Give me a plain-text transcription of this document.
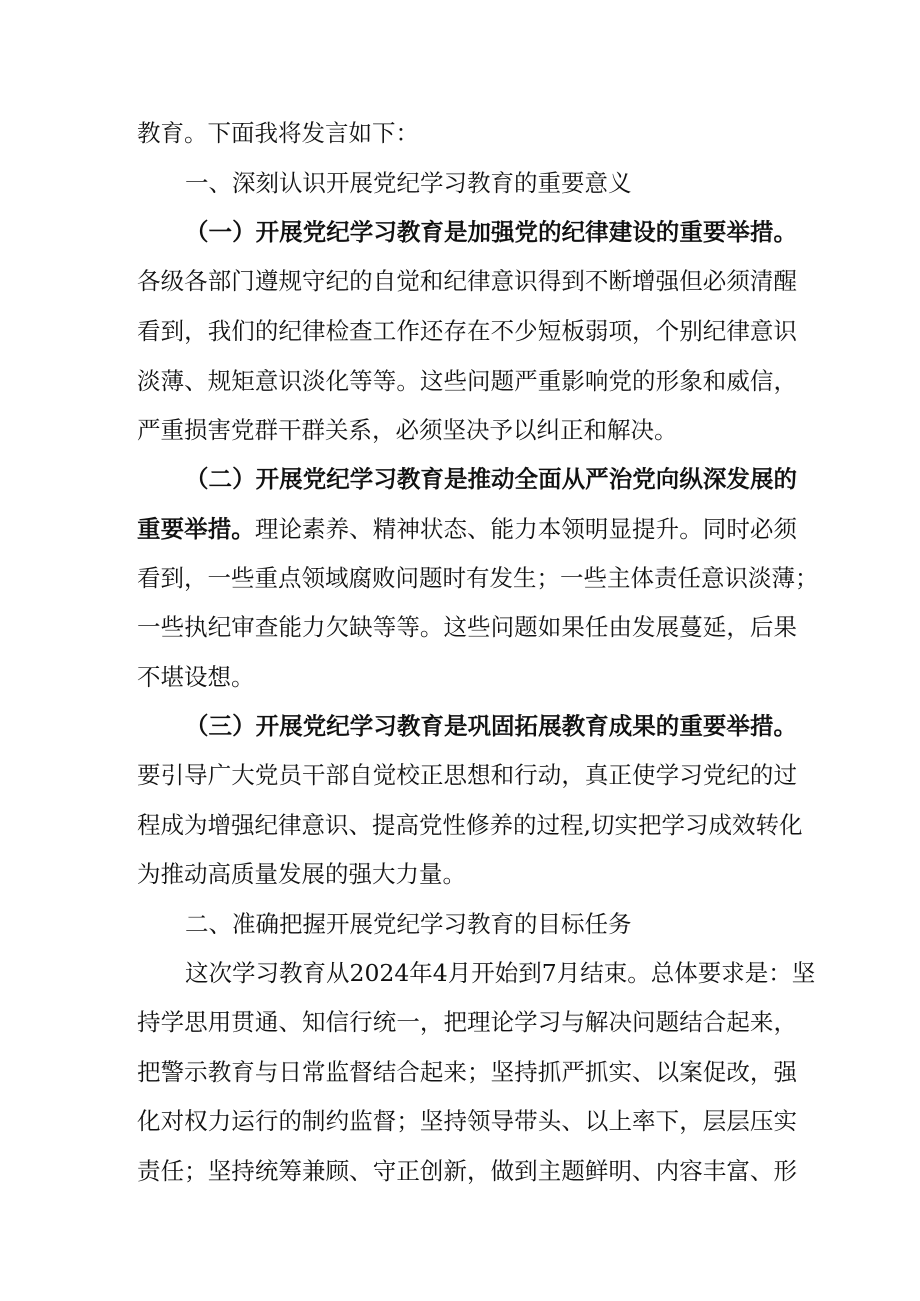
教育。下面我将发言如下：
一、深刻认识开展党纪学习教育的重要意义
（一）开展党纪学习教育是加强党的纪律建设的重要举措。
各级各部门遵规守纪的自觉和纪律意识得到不断增强但必须清醒
看到，我们的纪律检查工作还存在不少短板弱项，个别纪律意识
淡薄、规矩意识淡化等等。这些问题严重影响党的形象和威信，
严重损害党群干群关系，必须坚决予以纠正和解决。
（二）开展党纪学习教育是推动全面从严治党向纵深发展的
重要举措。理论素养、精神状态、能力本领明显提升。同时必须
看到，一些重点领域腐败问题时有发生；一些主体责任意识淡薄；
一些执纪审查能力欠缺等等。这些问题如果任由发展蔓延，后果
不堪设想。
（三）开展党纪学习教育是巩固拓展教育成果的重要举措。
要引导广大党员干部自觉校正思想和行动，真正使学习党纪的过
程成为增强纪律意识、提高党性修养的过程,切实把学习成效转化
为推动高质量发展的强大力量。
二、准确把握开展党纪学习教育的目标任务
这次学习教育从2024年4月开始到7月结束。总体要求是：坚
持学思用贯通、知信行统一，把理论学习与解决问题结合起来，
把警示教育与日常监督结合起来；坚持抓严抓实、以案促改，强
化对权力运行的制约监督；坚持领导带头、以上率下，层层压实
责任；坚持统筹兼顾、守正创新，做到主题鲜明、内容丰富、形
